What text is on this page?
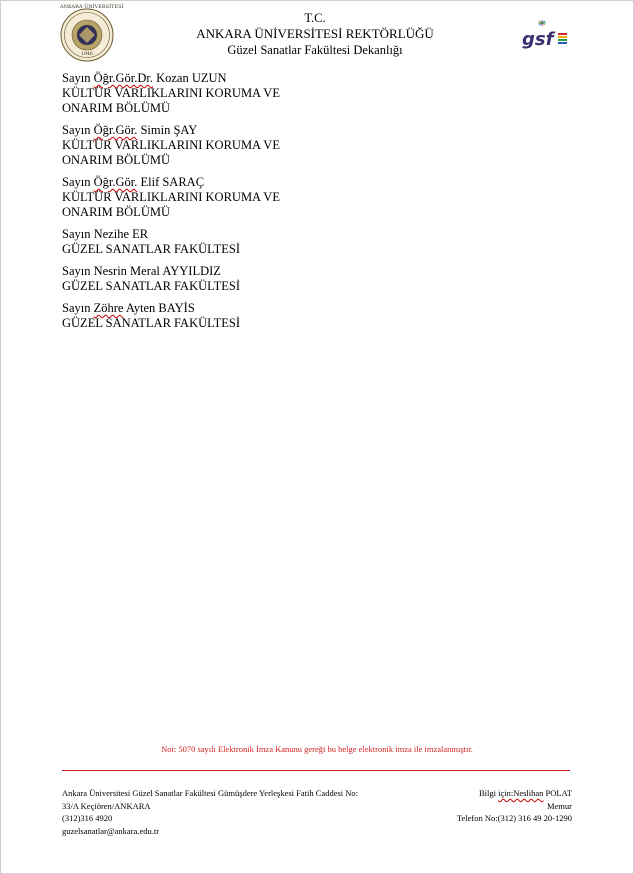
ANKARA ÜNİVERSİTESİ
1946
T.C.
ANKARA ÜNİVERSİTESİ REKTÖRLÜĞÜ
Güzel Sanatlar Fakültesi Dekanlığı	gsf
Sayın Öğr.Gör.Dr. Kozan UZUN
KÜLTÜR VARLIKLARINI KORUMA VE
ONARIM BÖLÜMÜ
Sayın Öğr.Gör. Simin ŞAY
KÜLTÜR VARLIKLARINI KORUMA VE
ONARIM BÖLÜMÜ
Sayın Öğr.Gör. Elif SARAÇ
KÜLTÜR VARLIKLARINI KORUMA VE
ONARIM BÖLÜMÜ
Sayın Nezihe ER
GÜZEL SANATLAR FAKÜLTESİ
Sayın Nesrin Meral AYYILDIZ
GÜZEL SANATLAR FAKÜLTESİ
Sayın Zöhre Ayten BAYİS
GÜZEL SANATLAR FAKÜLTESİ
Not: 5070 sayılı Elektronik İmza Kanunu gereği bu belge elektronik imza ile imzalanmıştır.
Ankara Üniversitesi Güzel Sanatlar Fakültesi Gümüşdere Yerleşkesi Fatih Caddesi No:
33/A Keçiören/ANKARA
(312)316 4920
guzelsanatlar@ankara.edu.tr
Bilgi için:Neslihan POLAT
Memur
Telefon No:(312) 316 49 20-1290
